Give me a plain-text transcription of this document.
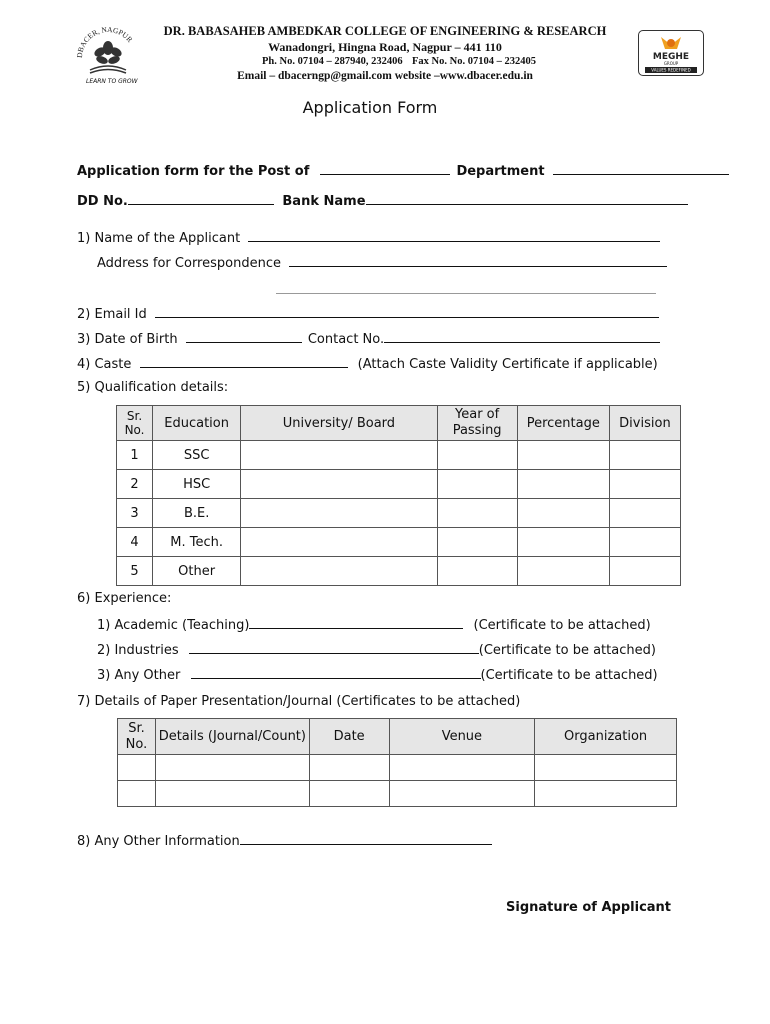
DBACER, NAGPUR
LEARN TO GROW
MEGHE
GROUP
VALUES REDEFINED
DR. BABASAHEB AMBEDKAR COLLEGE OF ENGINEERING & RESEARCH
Wanadongri, Hingna Road, Nagpur – 441 110
Ph. No. 07104 – 287940, 232406 Fax No. No. 07104 – 232405
Email – dbacerngp@gmail.com website –www.dbacer.edu.in
Application Form
Application form for the Post of	Department
DD No.	Bank Name
1) Name of the Applicant
Address for Correspondence
2) Email Id
3) Date of Birth	Contact No.
4) Caste	(Attach Caste Validity Certificate if applicable)
5) Qualification details:
Sr. No.	Education	University/ Board	Year of Passing	Percentage	Division
1	SSC				
2	HSC				
3	B.E.				
4	M. Tech.				
5	Other				
6) Experience:
1) Academic (Teaching)	(Certificate to be attached)
2) Industries	(Certificate to be attached)
3) Any Other	(Certificate to be attached)
7) Details of Paper Presentation/Journal (Certificates to be attached)
Sr. No.	Details (Journal/Count)	Date	Venue	Organization

8) Any Other Information
Signature of Applicant
